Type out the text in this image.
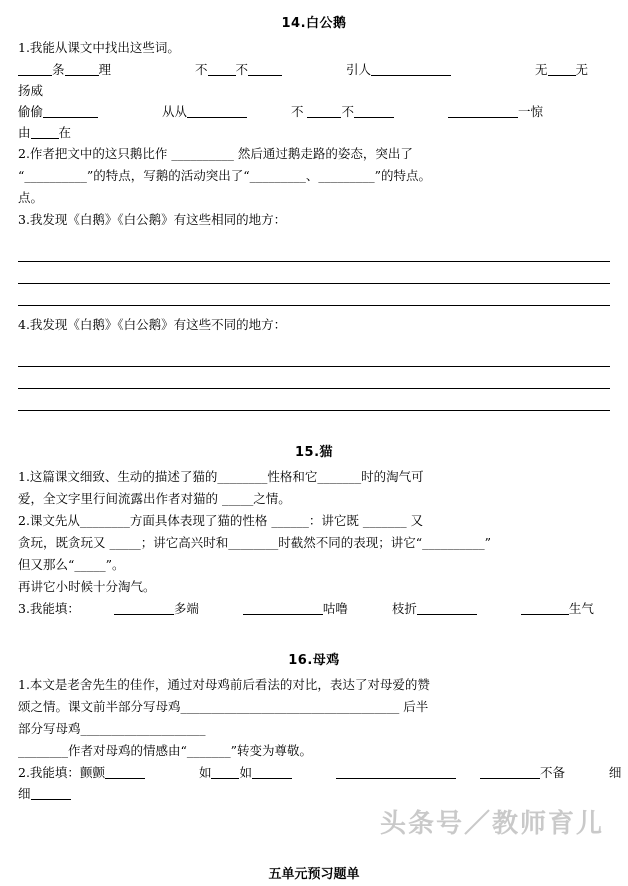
14.白公鹅
1.我能从课文中找出这些词。
条	理	不 不	引人	无 无
扬威
偷偷	从从	不	不	一惊
由 在
2.作者把文中的这只鹅比作 __________ 然后通过鹅走路的姿态，突出了
“__________”的特点，写鹅的活动突出了“_________、_________”的特点。
点。
3.我发现《白鹅》《白公鹅》有这些相同的地方：
4.我发现《白鹅》《白公鹅》有这些不同的地方：
15.猫
1.这篇课文细致、生动的描述了猫的________性格和它_______时的淘气可
爱，全文字里行间流露出作者对猫的 _____之情。
2.课文先从________方面具体表现了猫的性格 ______：讲它既 _______ 又
贪玩，既贪玩又 _____；讲它高兴时和________时截然不同的表现；讲它“__________”
但又那么“_____”。
再讲它小时候十分淘气。
3.我能填：	多端	咕噜	枝折	生气
16.母鸡
1.本文是老舍先生的佳作，通过对母鸡前后看法的对比，表达了对母爱的赞
颂之情。课文前半部分写母鸡___________________________________ 后半
部分写母鸡____________________
________作者对母鸡的情感由“_______”转变为尊敬。
2.我能填：颤颤	如 如	不备	细
细
头条号／教师育儿
五单元预习题单
